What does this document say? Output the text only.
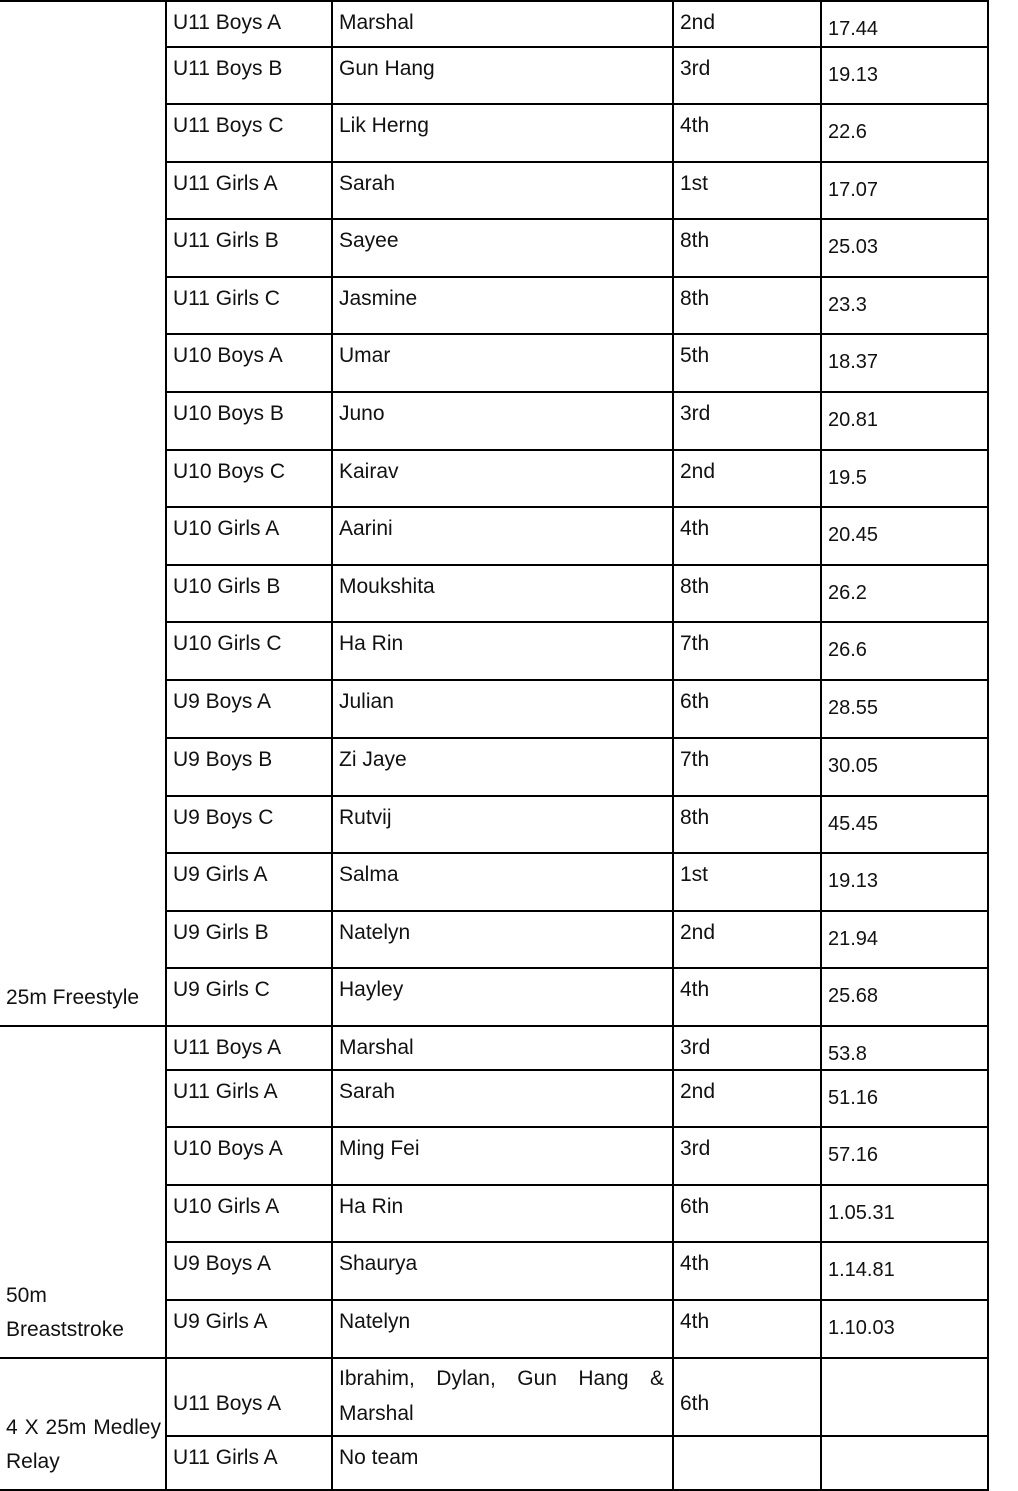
25m Freestyle	U11 Boys A	Marshal	2nd	17.44
	U11 Boys B	Gun Hang	3rd	19.13
	U11 Boys C	Lik Herng	4th	22.6
	U11 Girls A	Sarah	1st	17.07
	U11 Girls B	Sayee	8th	25.03
	U11 Girls C	Jasmine	8th	23.3
	U10 Boys A	Umar	5th	18.37
	U10 Boys B	Juno	3rd	20.81
	U10 Boys C	Kairav	2nd	19.5
	U10 Girls A	Aarini	4th	20.45
	U10 Girls B	Moukshita	8th	26.2
	U10 Girls C	Ha Rin	7th	26.6
	U9 Boys A	Julian	6th	28.55
	U9 Boys B	Zi Jaye	7th	30.05
	U9 Boys C	Rutvij	8th	45.45
	U9 Girls A	Salma	1st	19.13
	U9 Girls B	Natelyn	2nd	21.94
	U9 Girls C	Hayley	4th	25.68
50m Breaststroke	U11 Boys A	Marshal	3rd	53.8
	U11 Girls A	Sarah	2nd	51.16
	U10 Boys A	Ming Fei	3rd	57.16
	U10 Girls A	Ha Rin	6th	1.05.31
	U9 Boys A	Shaurya	4th	1.14.81
	U9 Girls A	Natelyn	4th	1.10.03
4 X 25m Medley Relay	U11 Boys A	Ibrahim, Dylan, Gun Hang & Marshal	6th	
	U11 Girls A	No team		
